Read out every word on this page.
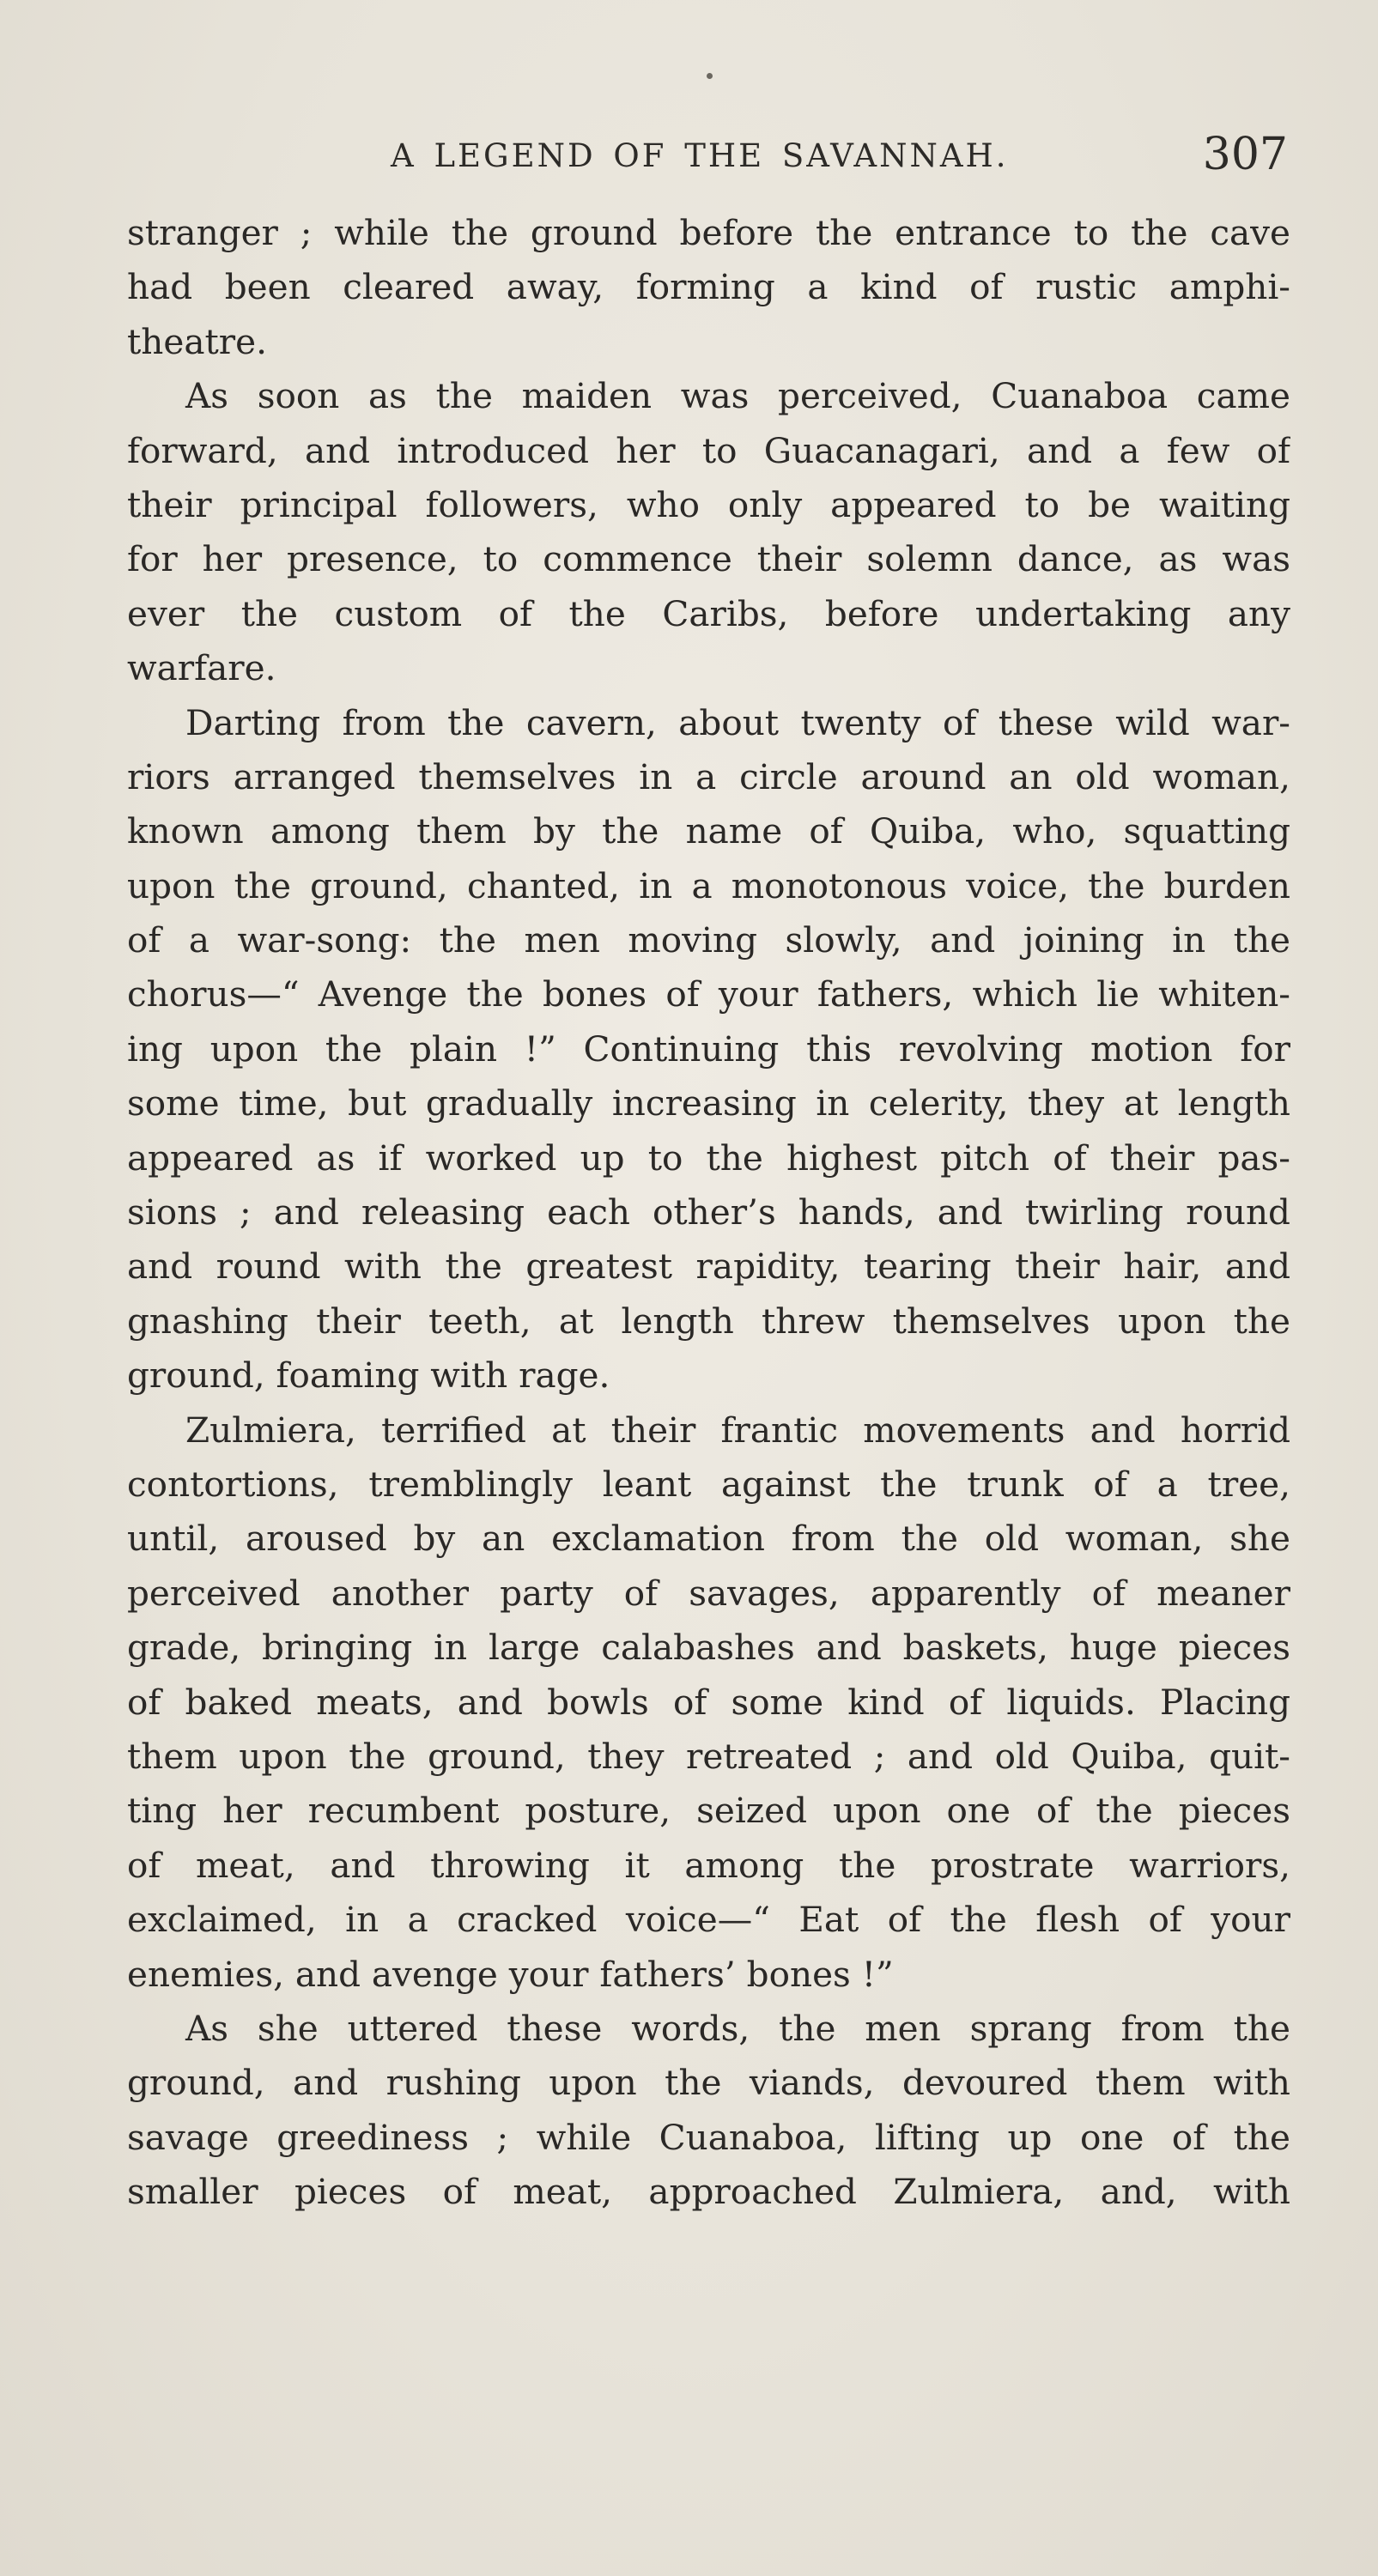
A LEGEND OF THE SAVANNAH.	307
stranger ; while the ground before the entrance to the cave
had been cleared away, forming a kind of rustic amphi-
theatre.
As soon as the maiden was perceived, Cuanaboa came
forward, and introduced her to Guacanagari, and a few of
their principal followers, who only appeared to be waiting
for her presence, to commence their solemn dance, as was
ever the custom of the Caribs, before undertaking any
warfare.
Darting from the cavern, about twenty of these wild war-
riors arranged themselves in a circle around an old woman,
known among them by the name of Quiba, who, squatting
upon the ground, chanted, in a monotonous voice, the burden
of a war-song: the men moving slowly, and joining in the
chorus—“ Avenge the bones of your fathers, which lie whiten-
ing upon the plain !” Continuing this revolving motion for
some time, but gradually increasing in celerity, they at length
appeared as if worked up to the highest pitch of their pas-
sions ; and releasing each other’s hands, and twirling round
and round with the greatest rapidity, tearing their hair, and
gnashing their teeth, at length threw themselves upon the
ground, foaming with rage.
Zulmiera, terrified at their frantic movements and horrid
contortions, tremblingly leant against the trunk of a tree,
until, aroused by an exclamation from the old woman, she
perceived another party of savages, apparently of meaner
grade, bringing in large calabashes and baskets, huge pieces
of baked meats, and bowls of some kind of liquids. Placing
them upon the ground, they retreated ; and old Quiba, quit-
ting her recumbent posture, seized upon one of the pieces
of meat, and throwing it among the prostrate warriors,
exclaimed, in a cracked voice—“ Eat of the flesh of your
enemies, and avenge your fathers’ bones !”
As she uttered these words, the men sprang from the
ground, and rushing upon the viands, devoured them with
savage greediness ; while Cuanaboa, lifting up one of the
smaller pieces of meat, approached Zulmiera, and, with
